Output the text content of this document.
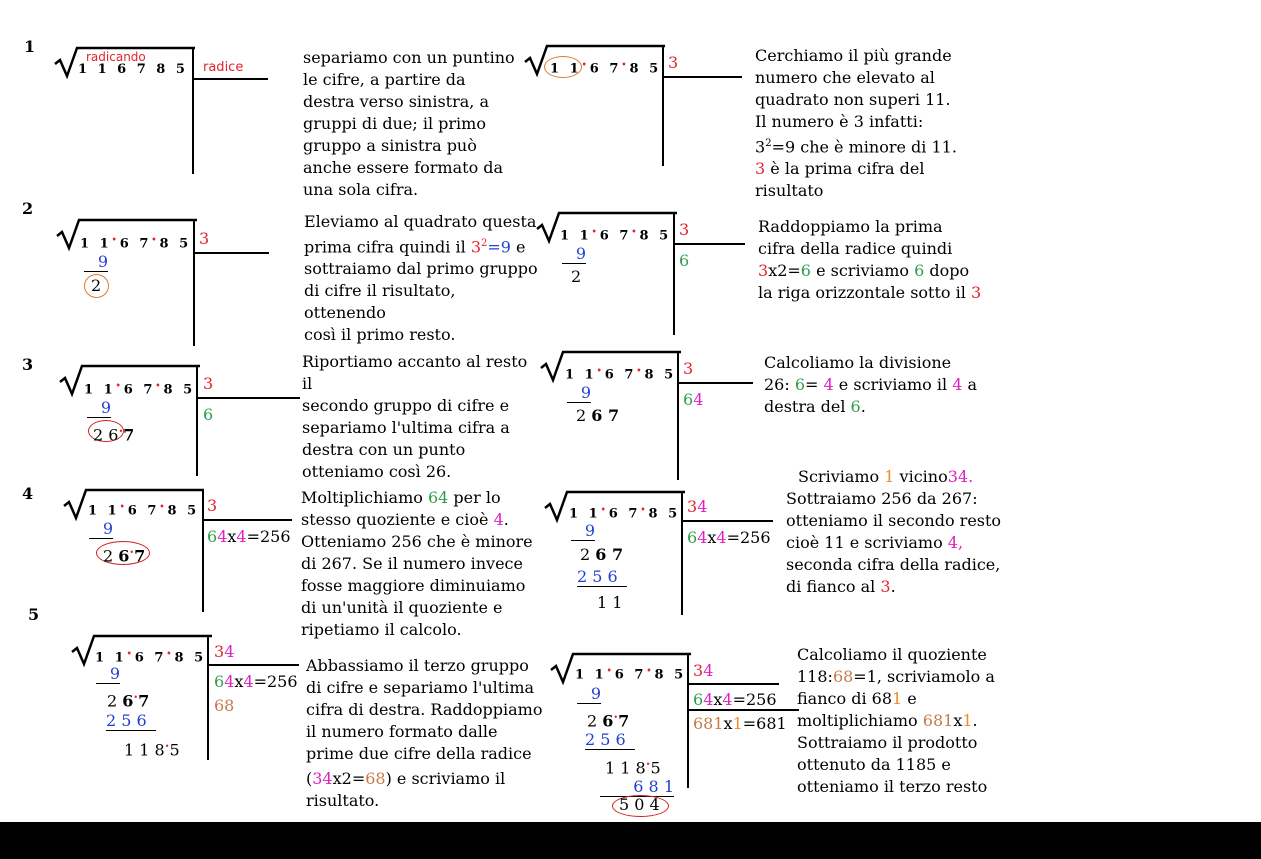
1
2
3
4
5
radicando
1 1 6 7 8 5 radice
separiamo con un puntino le cifre, a partire da destra verso sinistra, a gruppi di due; il primo gruppo a sinistra può anche essere formato da una sola cifra.
1 1•6 7•8 5 3	Cerchiamo il più grande
numero che elevato al
quadrato non superi 11.
Il numero è 3 infatti:
$3^2=9$ che è minore di 11.
3 è la prima cifra del
risultato
1 1•6 7•8 5 3
9
2
Eleviamo al quadrato questa
prima cifra quindi il $3^2=9$ e
sottraiamo dal primo gruppo
di cifre il risultato, ottenendo
così il primo resto.
1 1•6 7•8 5 3
6
9
2
Raddoppiamo la prima
cifra della radice quindi
3x2=6 e scriviamo 6 dopo
la riga orizzontale sotto il 3
1 1•6 7•8 5 3
6
9
2 6•7
Riportiamo accanto al resto il
secondo gruppo di cifre e
separiamo l'ultima cifra a
destra con un punto
otteniamo così 26.
1 1•6 7•8 5 3
64
9
2 6 7
Calcoliamo la divisione
26: 6= 4 e scriviamo il 4 a
destra del 6.
1 1•6 7•8 5 3
64x4=256
9
2 6•7
Moltiplichiamo 64 per lo
stesso quoziente e cioè 4.
Otteniamo 256 che è minore
di 267. Se il numero invece
fosse maggiore diminuiamo
di un'unità il quoziente e
ripetiamo il calcolo.
1 1•6 7•8 5 34
64x4=256
9
2 6 7
2 5 6
1 1
Scriviamo 1 vicino34.
Sottraiamo 256 da 267:
otteniamo il secondo resto
cioè 11 e scriviamo 4,
seconda cifra della radice,
di fianco al 3.
1 1•6 7•8 5 34
64x4=256
68
9
2 6•7
2 5 6
1 1 8•5
Abbassiamo il terzo gruppo
di cifre e separiamo l'ultima
cifra di destra. Raddoppiamo
il numero formato dalle
prime due cifre della radice
(34x2=68) e scriviamo il
risultato.
1 1•6 7•8 5 34
64x4=256
681x1=681
9
2 6•7
2 5 6
1 1 8•5
6 8 1
5 0 4
Calcoliamo il quoziente
118:68=1, scriviamolo a
fianco di 681 e
moltiplichiamo 681x1.
Sottraiamo il prodotto
ottenuto da 1185 e
otteniamo il terzo resto
